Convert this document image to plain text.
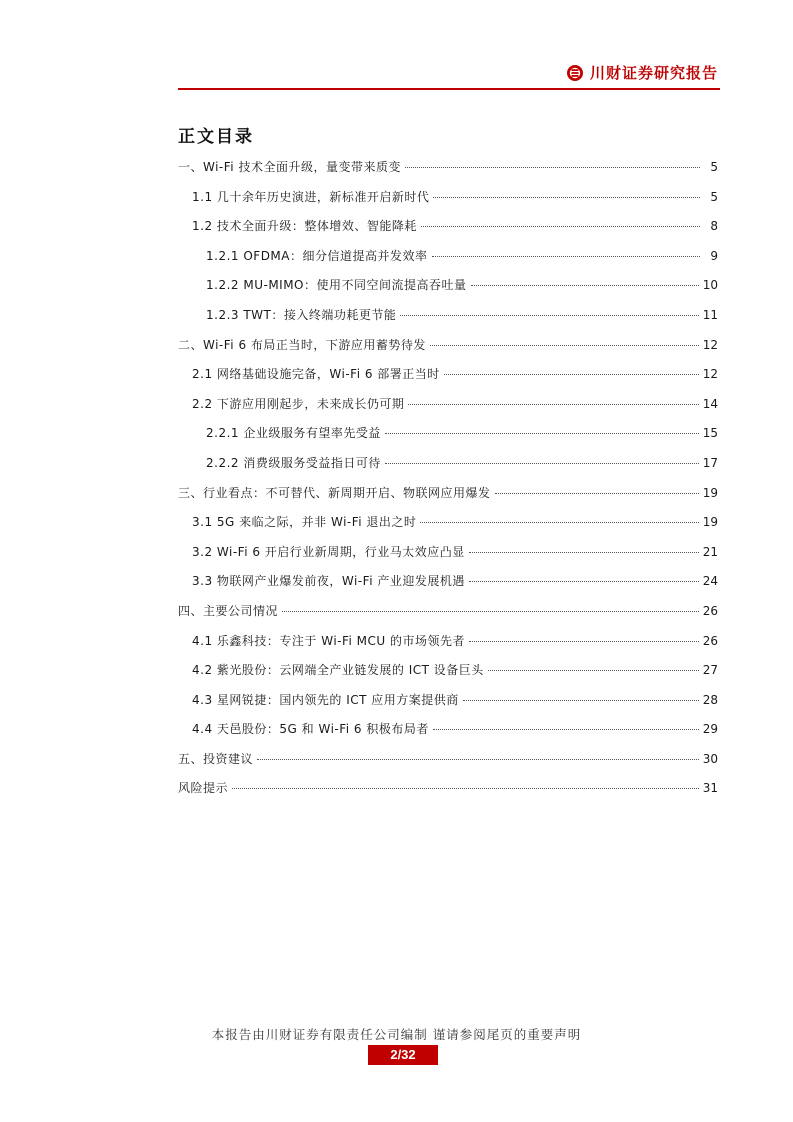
川财证券研究报告
正文目录
一、Wi-Fi 技术全面升级，量变带来质变	5
1.1 几十余年历史演进，新标准开启新时代	5
1.2 技术全面升级：整体增效、智能降耗	8
1.2.1 OFDMA：细分信道提高并发效率	9
1.2.2 MU-MIMO：使用不同空间流提高吞吐量	10
1.2.3 TWT：接入终端功耗更节能	11
二、Wi-Fi 6 布局正当时，下游应用蓄势待发	12
2.1 网络基础设施完备，Wi-Fi 6 部署正当时	12
2.2 下游应用刚起步，未来成长仍可期	14
2.2.1 企业级服务有望率先受益	15
2.2.2 消费级服务受益指日可待	17
三、行业看点：不可替代、新周期开启、物联网应用爆发	19
3.1 5G 来临之际，并非 Wi-Fi 退出之时	19
3.2 Wi-Fi 6 开启行业新周期，行业马太效应凸显	21
3.3 物联网产业爆发前夜，Wi-Fi 产业迎发展机遇	24
四、主要公司情况	26
4.1 乐鑫科技：专注于 Wi-Fi MCU 的市场领先者	26
4.2 紫光股份：云网端全产业链发展的 ICT 设备巨头	27
4.3 星网锐捷：国内领先的 ICT 应用方案提供商	28
4.4 天邑股份：5G 和 Wi-Fi 6 积极布局者	29
五、投资建议	30
风险提示	31
本报告由川财证券有限责任公司编制 谨请参阅尾页的重要声明
2/32
